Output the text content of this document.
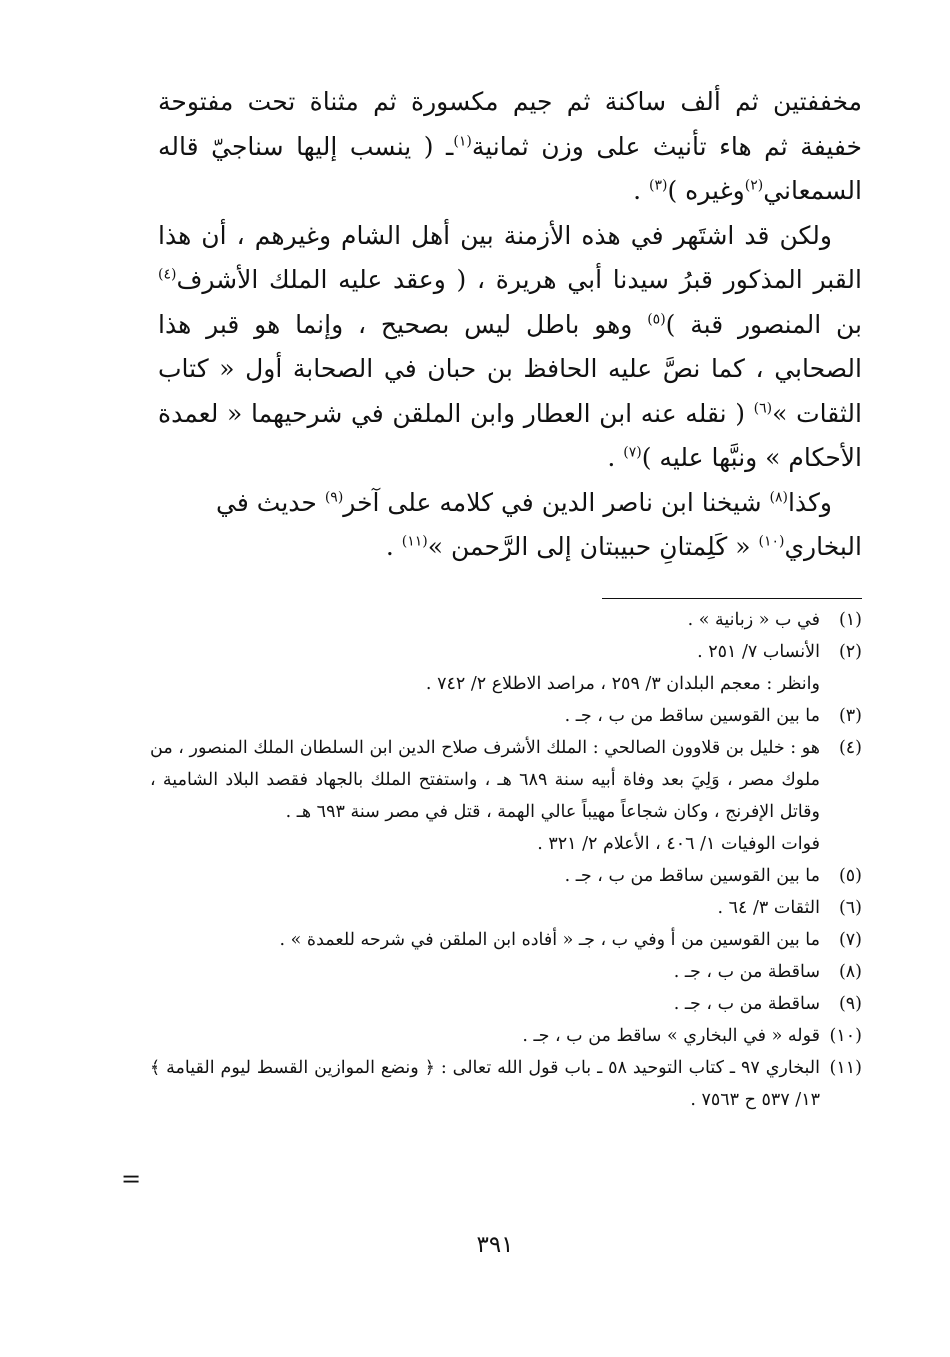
مخففتين ثم ألف ساكنة ثم جيم مكسورة ثم مثناة تحت مفتوحة خفيفة ثم هاء تأنيث على وزن ثمانية$^{(١)}$ـ ( ينسب إليها سناجيّ قاله السمعاني$^{(٢)}$وغيره )$^{(٣)}$ .

ولكن قد اشتَهر في هذه الأزمنة بين أهل الشام وغيرهم ، أن هذا القبر المذكور قبرُ سيدنا أبي هريرة ، ( وعقد عليه الملك الأشرف$^{(٤)}$ بن المنصور قبة )$^{(٥)}$ وهو باطل ليس بصحيح ، وإنما هو قبر هذا الصحابي ، كما نصَّ عليه الحافظ بن حبان في الصحابة أول « كتاب الثقات »$^{(٦)}$ ( نقله عنه ابن العطار وابن الملقن في شرحيهما « لعمدة الأحكام » ونبَّها عليه )$^{(٧)}$ .

وكذا$^{(٨)}$ شيخنا ابن ناصر الدين في كلامه على آخر$^{(٩)}$ حديث في البخاري$^{(١٠)}$ « كَلِمتانِ حبيبتان إلى الرَّحمن »$^{(١١)}$ .

(١)
في ب « زبانية » .
(٢)
الأنساب ٧/ ٢٥١ .
وانظر : معجم البلدان ٣/ ٢٥٩ ، مراصد الاطلاع ٢/ ٧٤٢ .
(٣)
ما بين القوسين ساقط من ب ، جـ .
(٤)
هو : خليل بن قلاوون الصالحي : الملك الأشرف صلاح الدين ابن السلطان الملك المنصور ، من ملوك مصر ، وَلِيَ بعد وفاة أبيه سنة ٦٨٩ هـ ، واستفتح الملك بالجهاد فقصد البلاد الشامية ، وقاتل الإفرنج ، وكان شجاعاً مهيباً عالي الهمة ، قتل في مصر سنة ٦٩٣ هـ .
فوات الوفيات ١/ ٤٠٦ ، الأعلام ٢/ ٣٢١ .
(٥)
ما بين القوسين ساقط من ب ، جـ .
(٦)
الثقات ٣/ ٦٤ .
(٧)
ما بين القوسين من أ وفي ب ، جـ « أفاده ابن الملقن في شرحه للعمدة » .
(٨)
ساقطة من ب ، جـ .
(٩)
ساقطة من ب ، جـ .
(١٠)
قوله « في البخاري » ساقط من ب ، جـ .
(١١)
البخاري ٩٧ ـ كتاب التوحيد ٥٨ ـ باب قول الله تعالى : ﴿ ونضع الموازين القسط ليوم القيامة ﴾ ١٣/ ٥٣٧ ح ٧٥٦٣ .
=
٣٩١
